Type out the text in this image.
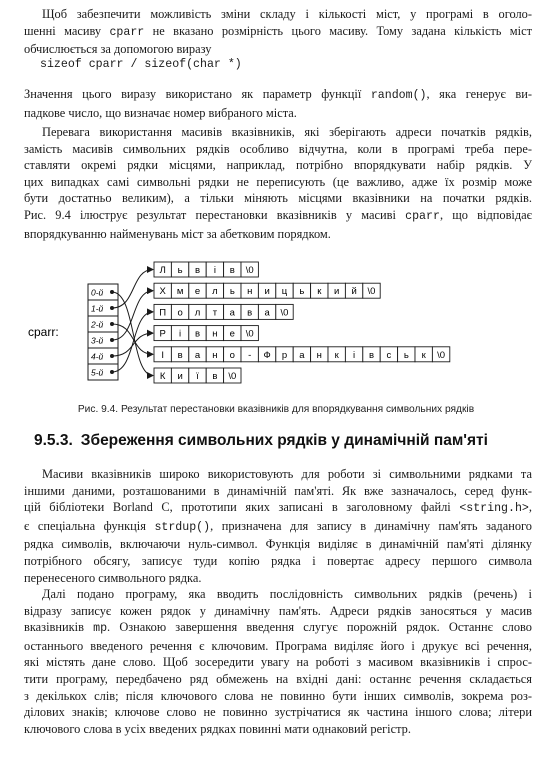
Щоб забезпечити можливість зміни складу і кількості міст, у програмі в оголо-
шенні масиву cparr не вказано розмірність цього масиву. Тому задана кількість міст
обчислюється за допомогою виразу

sizeof cparr / sizeof(char *)

Значення цього виразу використано як параметр функції random(), яка генерує ви-
падкове число, що визначає номер вибраного міста.

Перевага використання масивів вказівників, які зберігають адреси початків рядків,
замість масивів символьних рядків особливо відчутна, коли в програмі треба пере-
ставляти окремі рядки місцями, наприклад, потрібно впорядкувати набір рядків. У
цих випадках самі символьні рядки не переписують (це важливо, адже їх розмір може
бути достатньо великим), а тільки міняють місцями вказівники на початки рядків.
Рис. 9.4 ілюструє результат перестановки вказівників у масиві cparr, що відповідає
впорядкуванню найменувань міст за абетковим порядком.

cparr:
0-й
1-й
2-й
3-й
4-й
5-й
Л ь в і в \0
Х м е л ь н и ц ь к и й \0
П о л т а в а \0
Р і в н е \0
І в а н о - Ф р а н к і в с ь к \0
К и ї в \0
Рис. 9.4. Результат перестановки вказівників для впорядкування символьних рядків
9.5.3. Збереження символьних рядків у динамічній пам'яті

Масиви вказівників широко використовують для роботи зі символьними рядками та
іншими даними, розташованими в динамічній пам'яті. Як вже зазначалось, серед функ-
цій бібліотеки Borland C, прототипи яких записані в заголовному файлі <string.h>,
є спеціальна функція strdup(), призначена для запису в динамічну пам'ять заданого
рядка символів, включаючи нуль-символ. Функція виділяє в динамічній пам'яті ділянку
потрібного обсягу, записує туди копію рядка і повертає адресу першого символа
перенесеного символьного рядка.

Далі подано програму, яка вводить послідовність символьних рядків (речень) і
відразу записує кожен рядок у динамічну пам'ять. Адреси рядків заносяться у масив
вказівників mp. Ознакою завершення введення слугує порожній рядок. Останнє слово
останнього введеного речення є ключовим. Програма виділяє його і друкує всі речення,
які містять дане слово. Щоб зосередити увагу на роботі з масивом вказівників і спрос-
тити програму, передбачено ряд обмежень на вхідні дані: останнє речення складається
з декількох слів; після ключового слова не повинно бути інших символів, зокрема роз-
ділових знаків; ключове слово не повинно зустрічатися як частина іншого слова; літери
ключового слова в усіх введених рядках повинні мати однаковий регістр.
